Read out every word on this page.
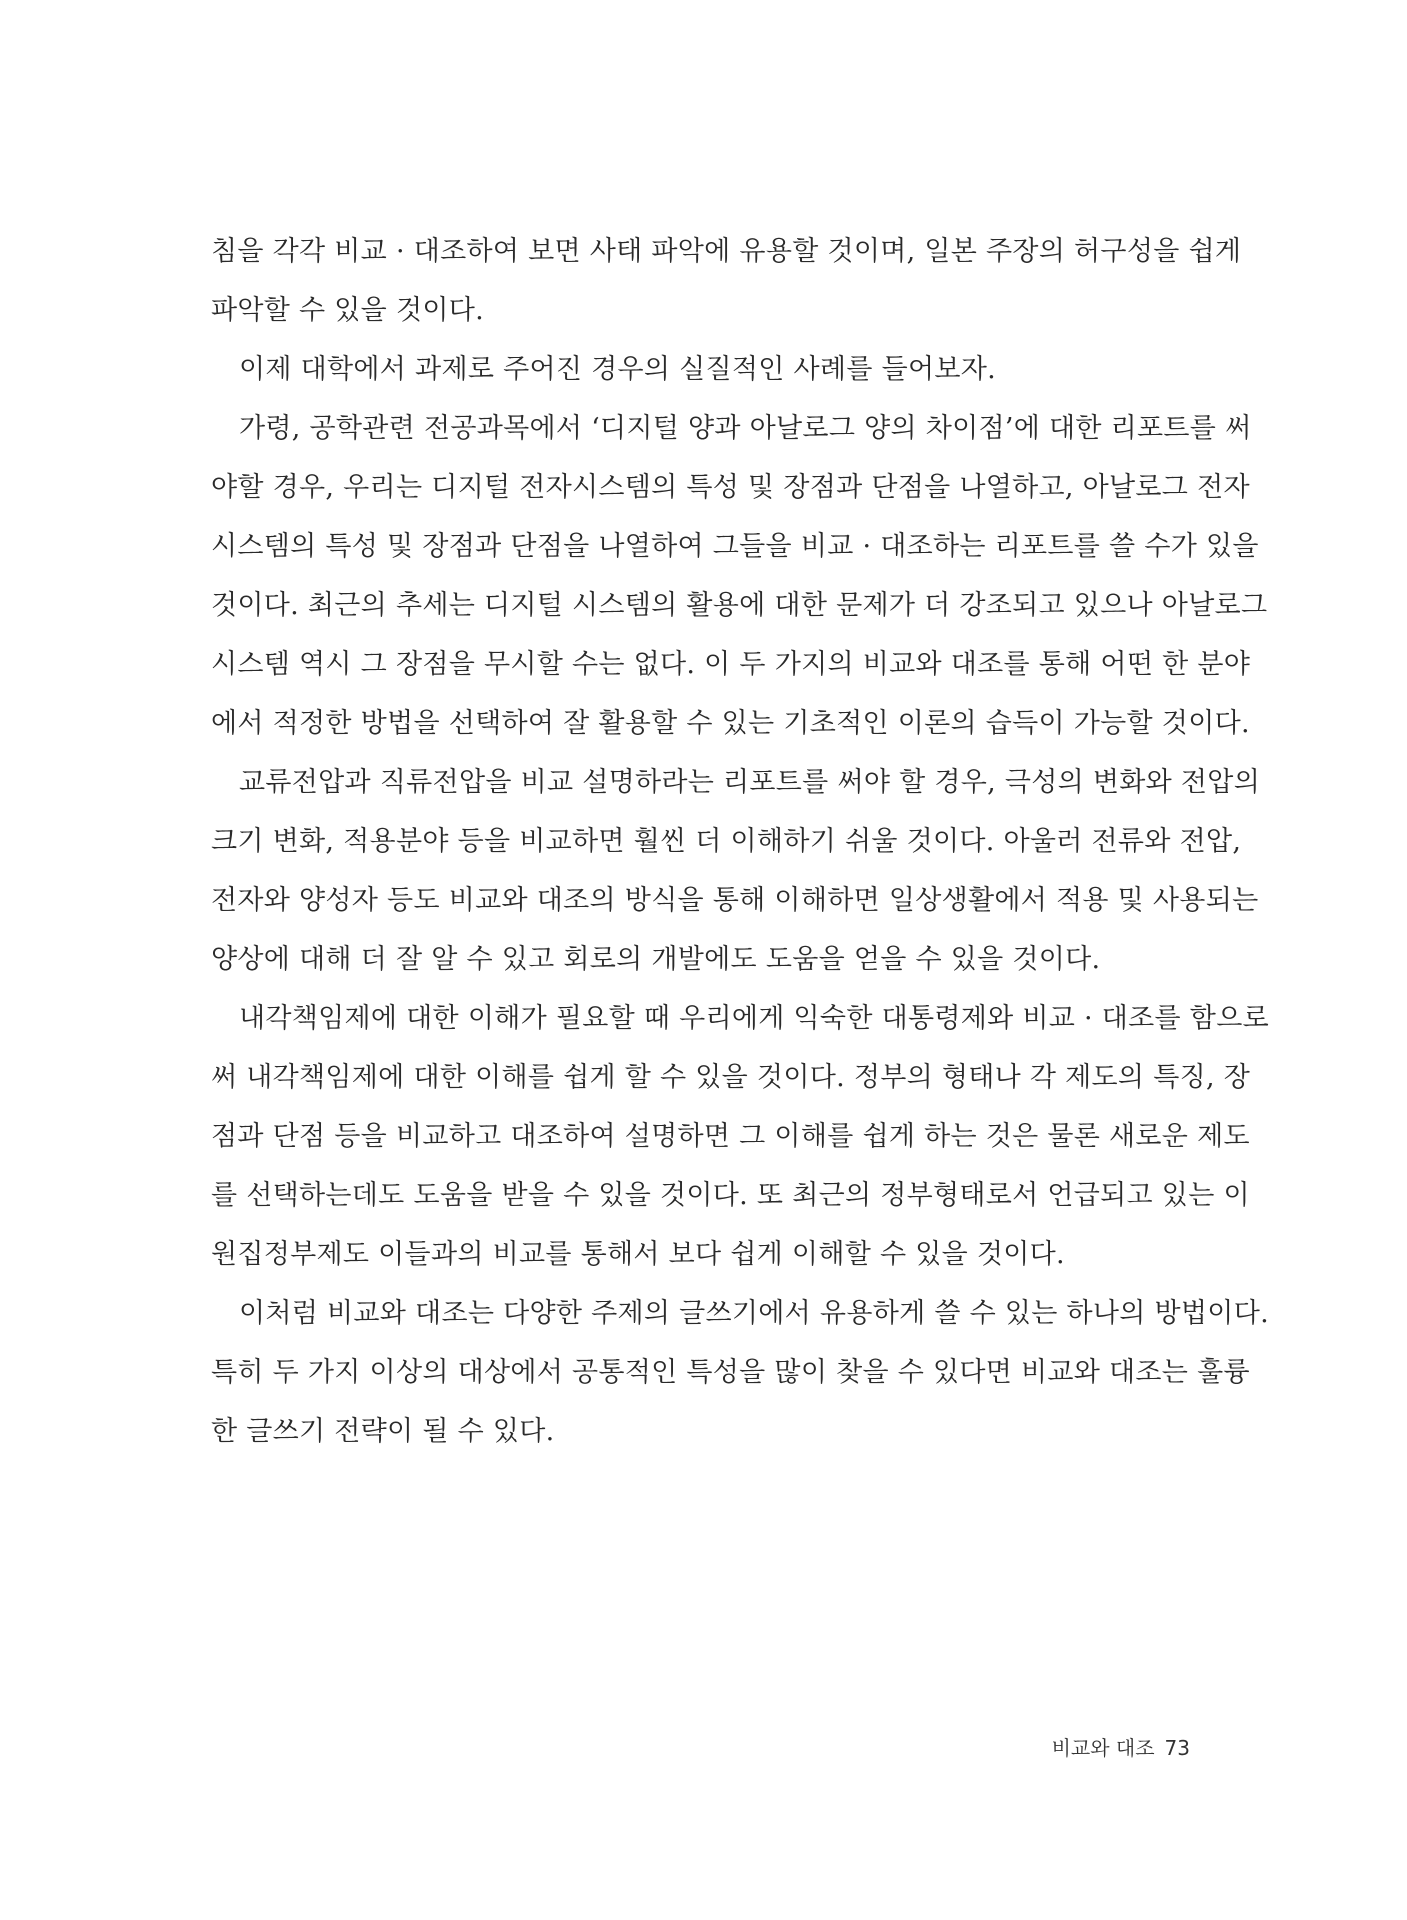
침을 각각 비교 · 대조하여 보면 사태 파악에 유용할 것이며, 일본 주장의 허구성을 쉽게
파악할 수 있을 것이다.
이제 대학에서 과제로 주어진 경우의 실질적인 사례를 들어보자.
가령, 공학관련 전공과목에서 ‘디지털 양과 아날로그 양의 차이점’에 대한 리포트를 써
야할 경우, 우리는 디지털 전자시스템의 특성 및 장점과 단점을 나열하고, 아날로그 전자
시스템의 특성 및 장점과 단점을 나열하여 그들을 비교 · 대조하는 리포트를 쓸 수가 있을
것이다. 최근의 추세는 디지털 시스템의 활용에 대한 문제가 더 강조되고 있으나 아날로그
시스템 역시 그 장점을 무시할 수는 없다. 이 두 가지의 비교와 대조를 통해 어떤 한 분야
에서 적정한 방법을 선택하여 잘 활용할 수 있는 기초적인 이론의 습득이 가능할 것이다.
교류전압과 직류전압을 비교 설명하라는 리포트를 써야 할 경우, 극성의 변화와 전압의
크기 변화, 적용분야 등을 비교하면 훨씬 더 이해하기 쉬울 것이다. 아울러 전류와 전압,
전자와 양성자 등도 비교와 대조의 방식을 통해 이해하면 일상생활에서 적용 및 사용되는
양상에 대해 더 잘 알 수 있고 회로의 개발에도 도움을 얻을 수 있을 것이다.
내각책임제에 대한 이해가 필요할 때 우리에게 익숙한 대통령제와 비교 · 대조를 함으로
써 내각책임제에 대한 이해를 쉽게 할 수 있을 것이다. 정부의 형태나 각 제도의 특징, 장
점과 단점 등을 비교하고 대조하여 설명하면 그 이해를 쉽게 하는 것은 물론 새로운 제도
를 선택하는데도 도움을 받을 수 있을 것이다. 또 최근의 정부형태로서 언급되고 있는 이
원집정부제도 이들과의 비교를 통해서 보다 쉽게 이해할 수 있을 것이다.
이처럼 비교와 대조는 다양한 주제의 글쓰기에서 유용하게 쓸 수 있는 하나의 방법이다.
특히 두 가지 이상의 대상에서 공통적인 특성을 많이 찾을 수 있다면 비교와 대조는 훌륭
한 글쓰기 전략이 될 수 있다.
비교와 대조 73
